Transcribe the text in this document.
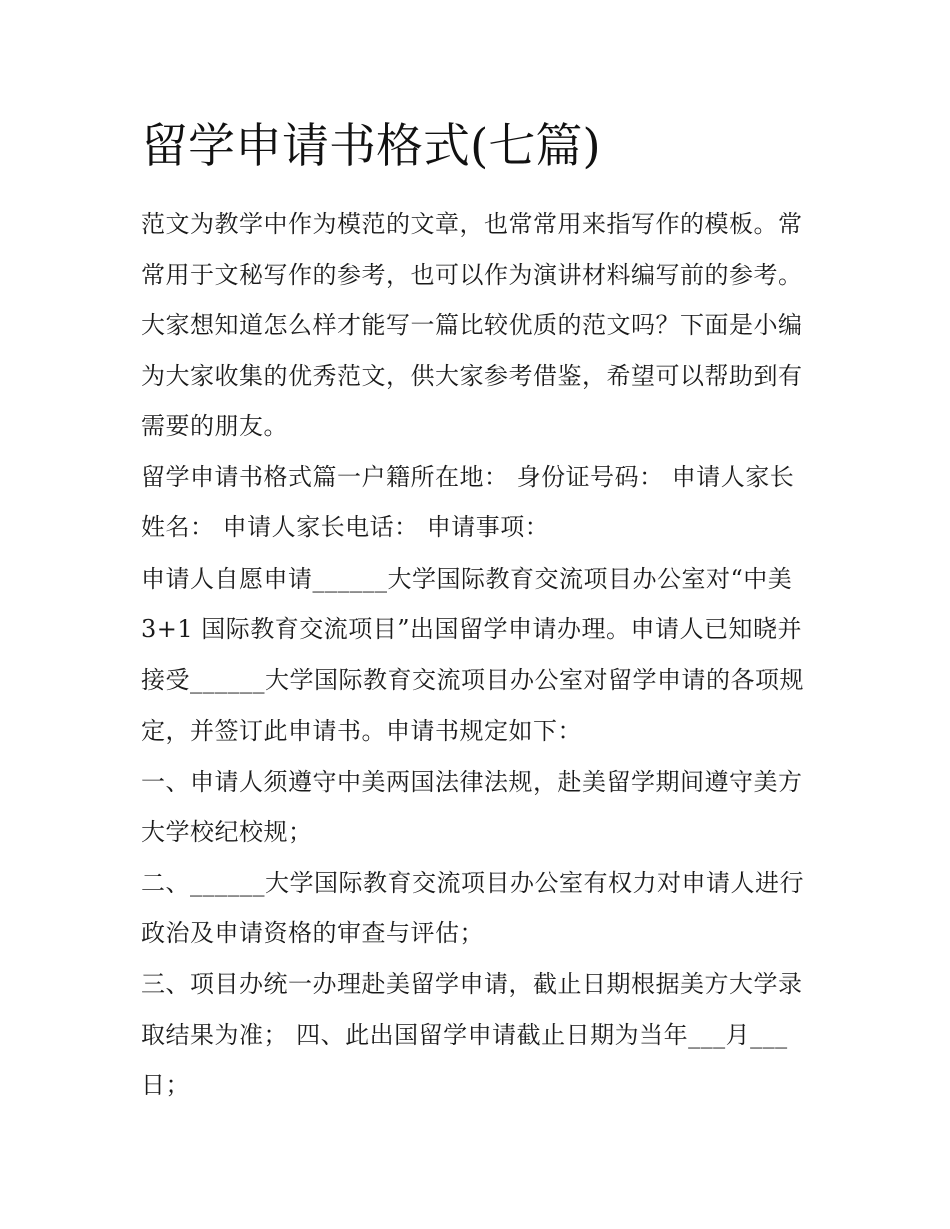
留学申请书格式(七篇)

范文为教学中作为模范的文章，也常常用来指写作的模板。常

常用于文秘写作的参考，也可以作为演讲材料编写前的参考。

大家想知道怎么样才能写一篇比较优质的范文吗？下面是小编

为大家收集的优秀范文，供大家参考借鉴，希望可以帮助到有

需要的朋友。

留学申请书格式篇一户籍所在地： 身份证号码： 申请人家长

姓名： 申请人家长电话： 申请事项：

申请人自愿申请______大学国际教育交流项目办公室对“中美

3+1 国际教育交流项目”出国留学申请办理。申请人已知晓并

接受______大学国际教育交流项目办公室对留学申请的各项规

定，并签订此申请书。申请书规定如下：

一、申请人须遵守中美两国法律法规，赴美留学期间遵守美方

大学校纪校规；

二、______大学国际教育交流项目办公室有权力对申请人进行

政治及申请资格的审查与评估；

三、项目办统一办理赴美留学申请，截止日期根据美方大学录

取结果为准； 四、此出国留学申请截止日期为当年___月___

日；
